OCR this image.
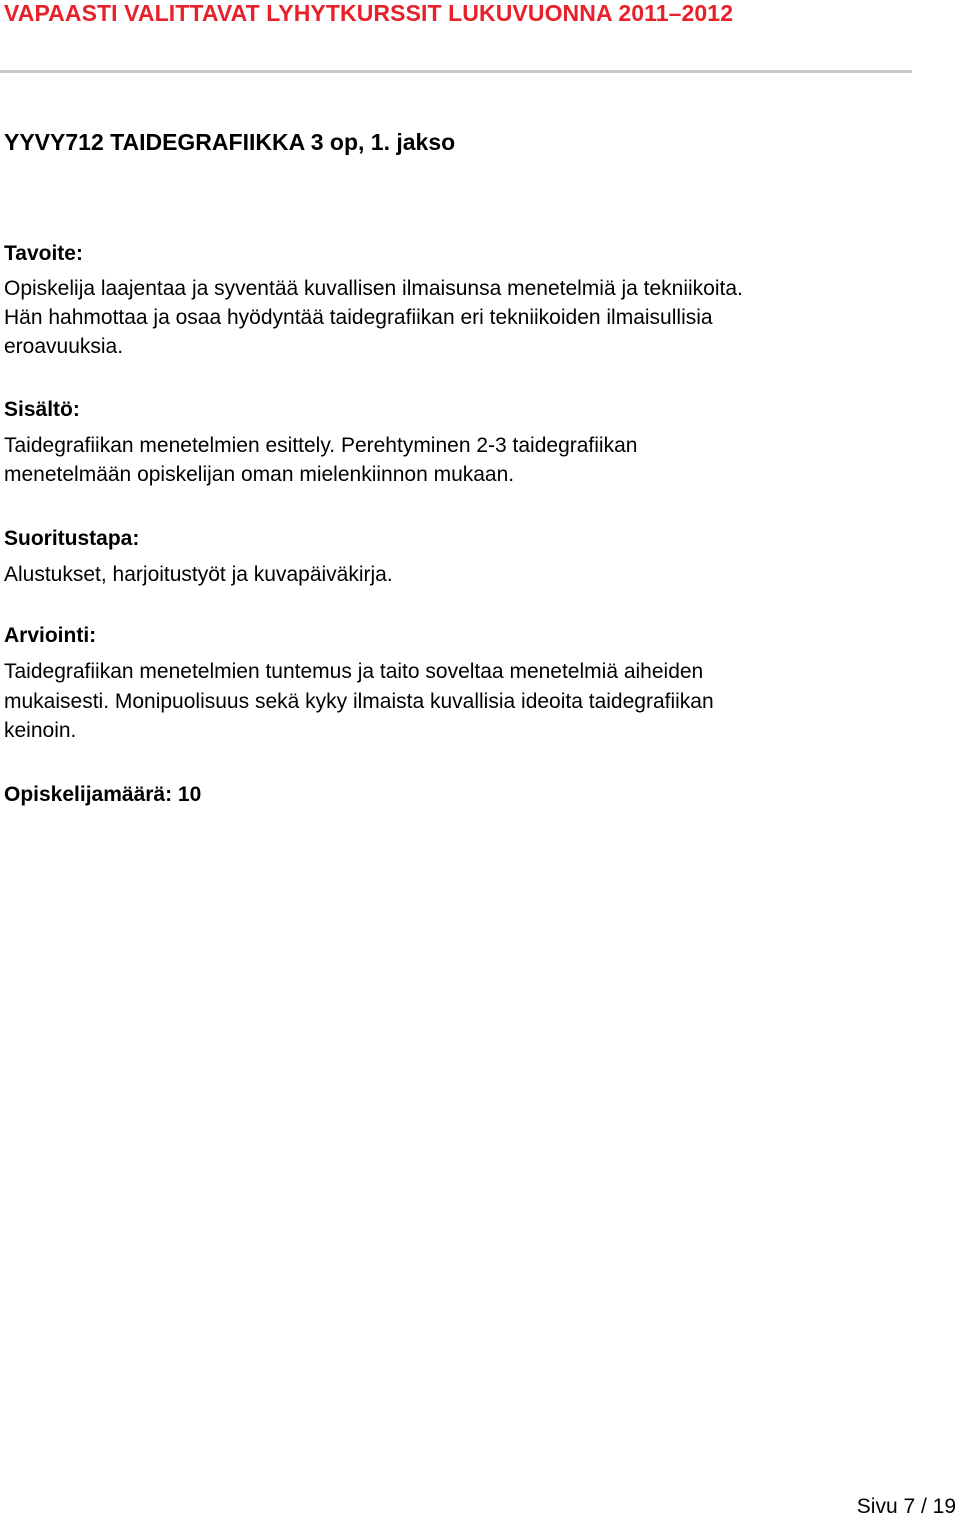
VAPAASTI VALITTAVAT LYHYTKURSSIT LUKUVUONNA 2011–2012
YYVY712 TAIDEGRAFIIKKA 3 op, 1. jakso
Tavoite:
Opiskelija laajentaa ja syventää kuvallisen ilmaisunsa menetelmiä ja tekniikoita.
Hän hahmottaa ja osaa hyödyntää taidegrafiikan eri tekniikoiden ilmaisullisia
eroavuuksia.
Sisältö:
Taidegrafiikan menetelmien esittely. Perehtyminen 2-3 taidegrafiikan
menetelmään opiskelijan oman mielenkiinnon mukaan.
Suoritustapa:
Alustukset, harjoitustyöt ja kuvapäiväkirja.
Arviointi:
Taidegrafiikan menetelmien tuntemus ja taito soveltaa menetelmiä aiheiden
mukaisesti. Monipuolisuus sekä kyky ilmaista kuvallisia ideoita taidegrafiikan
keinoin.
Opiskelijamäärä: 10
Sivu 7 / 19
